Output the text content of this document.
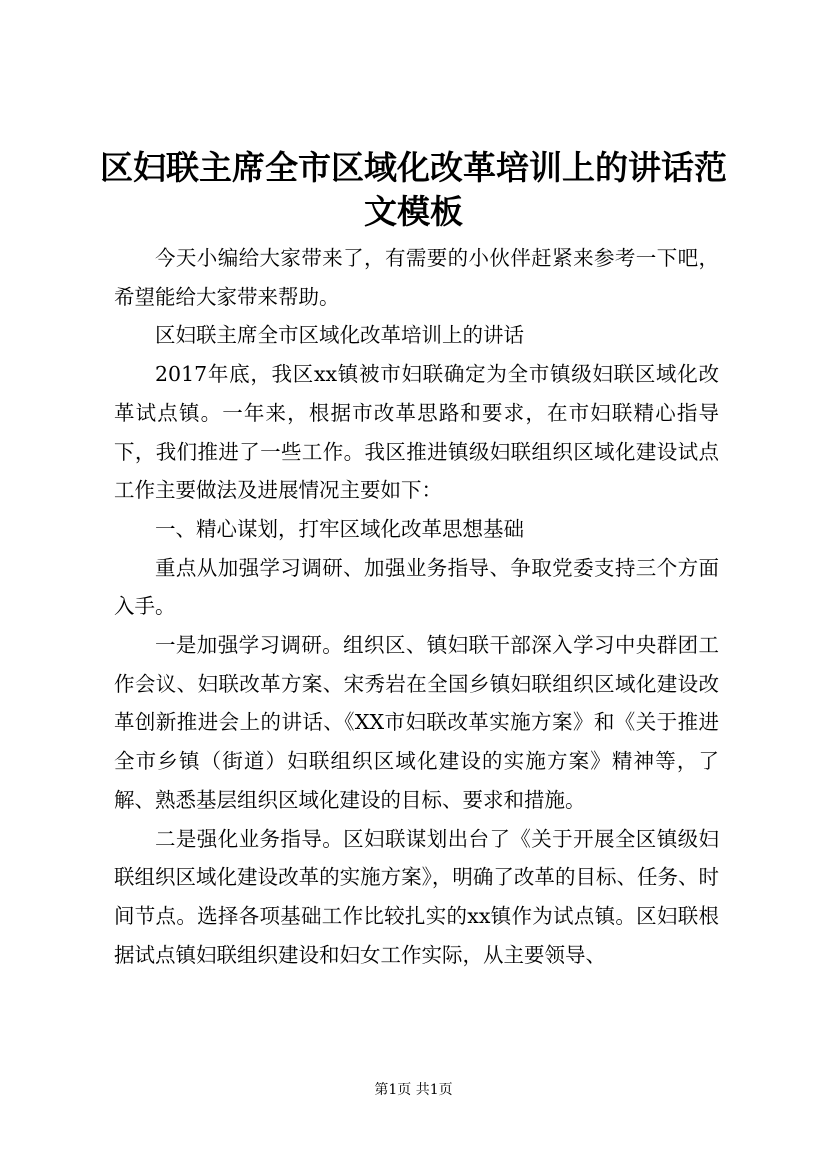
区妇联主席全市区域化改革培训上的讲话范文模板

今天小编给大家带来了，有需要的小伙伴赶紧来参考一下吧，希望能给大家带来帮助。

区妇联主席全市区域化改革培训上的讲话

2017年底，我区xx镇被市妇联确定为全市镇级妇联区域化改革试点镇。一年来，根据市改革思路和要求，在市妇联精心指导下，我们推进了一些工作。我区推进镇级妇联组织区域化建设试点工作主要做法及进展情况主要如下：

一、精心谋划，打牢区域化改革思想基础

重点从加强学习调研、加强业务指导、争取党委支持三个方面入手。

一是加强学习调研。组织区、镇妇联干部深入学习中央群团工作会议、妇联改革方案、宋秀岩在全国乡镇妇联组织区域化建设改革创新推进会上的讲话、《XX市妇联改革实施方案》和《关于推进全市乡镇（街道）妇联组织区域化建设的实施方案》精神等，了解、熟悉基层组织区域化建设的目标、要求和措施。

二是强化业务指导。区妇联谋划出台了《关于开展全区镇级妇联组织区域化建设改革的实施方案》，明确了改革的目标、任务、时间节点。选择各项基础工作比较扎实的xx镇作为试点镇。区妇联根据试点镇妇联组织建设和妇女工作实际，从主要领导、

第1页 共1页
